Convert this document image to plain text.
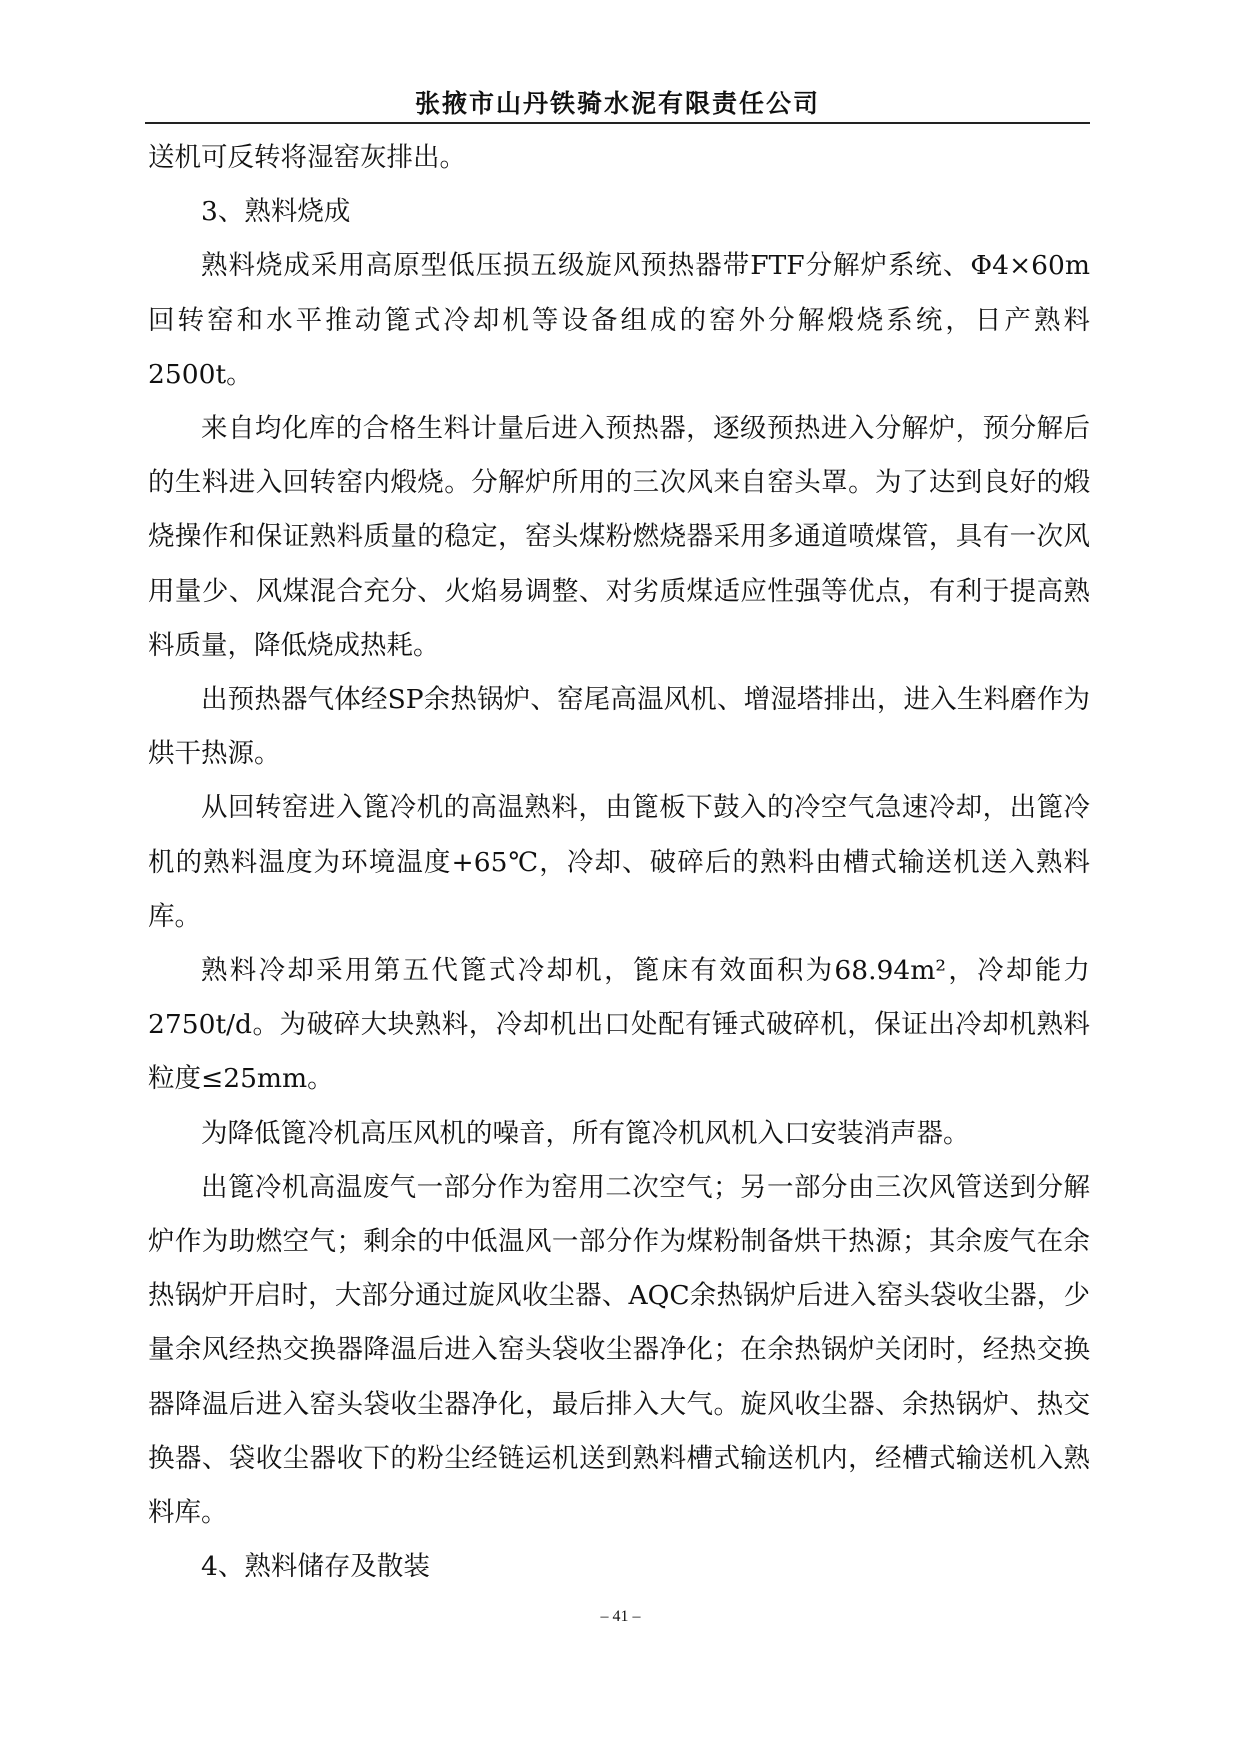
张掖市山丹铁骑水泥有限责任公司

送机可反转将湿窑灰排出。

3、熟料烧成

熟料烧成采用高原型低压损五级旋风预热器带FTF分解炉系统、Φ4×60m回转窑和水平推动篦式冷却机等设备组成的窑外分解煅烧系统，日产熟料2500t。

来自均化库的合格生料计量后进入预热器，逐级预热进入分解炉，预分解后的生料进入回转窑内煅烧。分解炉所用的三次风来自窑头罩。为了达到良好的煅烧操作和保证熟料质量的稳定，窑头煤粉燃烧器采用多通道喷煤管，具有一次风用量少、风煤混合充分、火焰易调整、对劣质煤适应性强等优点，有利于提高熟料质量，降低烧成热耗。

出预热器气体经SP余热锅炉、窑尾高温风机、增湿塔排出，进入生料磨作为烘干热源。

从回转窑进入篦冷机的高温熟料，由篦板下鼓入的冷空气急速冷却，出篦冷机的熟料温度为环境温度+65℃，冷却、破碎后的熟料由槽式输送机送入熟料库。

熟料冷却采用第五代篦式冷却机，篦床有效面积为68.94m²，冷却能力2750t/d。为破碎大块熟料，冷却机出口处配有锤式破碎机，保证出冷却机熟料粒度≤25mm。

为降低篦冷机高压风机的噪音，所有篦冷机风机入口安装消声器。

出篦冷机高温废气一部分作为窑用二次空气；另一部分由三次风管送到分解炉作为助燃空气；剩余的中低温风一部分作为煤粉制备烘干热源；其余废气在余热锅炉开启时，大部分通过旋风收尘器、AQC余热锅炉后进入窑头袋收尘器，少量余风经热交换器降温后进入窑头袋收尘器净化；在余热锅炉关闭时，经热交换器降温后进入窑头袋收尘器净化，最后排入大气。旋风收尘器、余热锅炉、热交换器、袋收尘器收下的粉尘经链运机送到熟料槽式输送机内，经槽式输送机入熟料库。

4、熟料储存及散装

– 41 –
